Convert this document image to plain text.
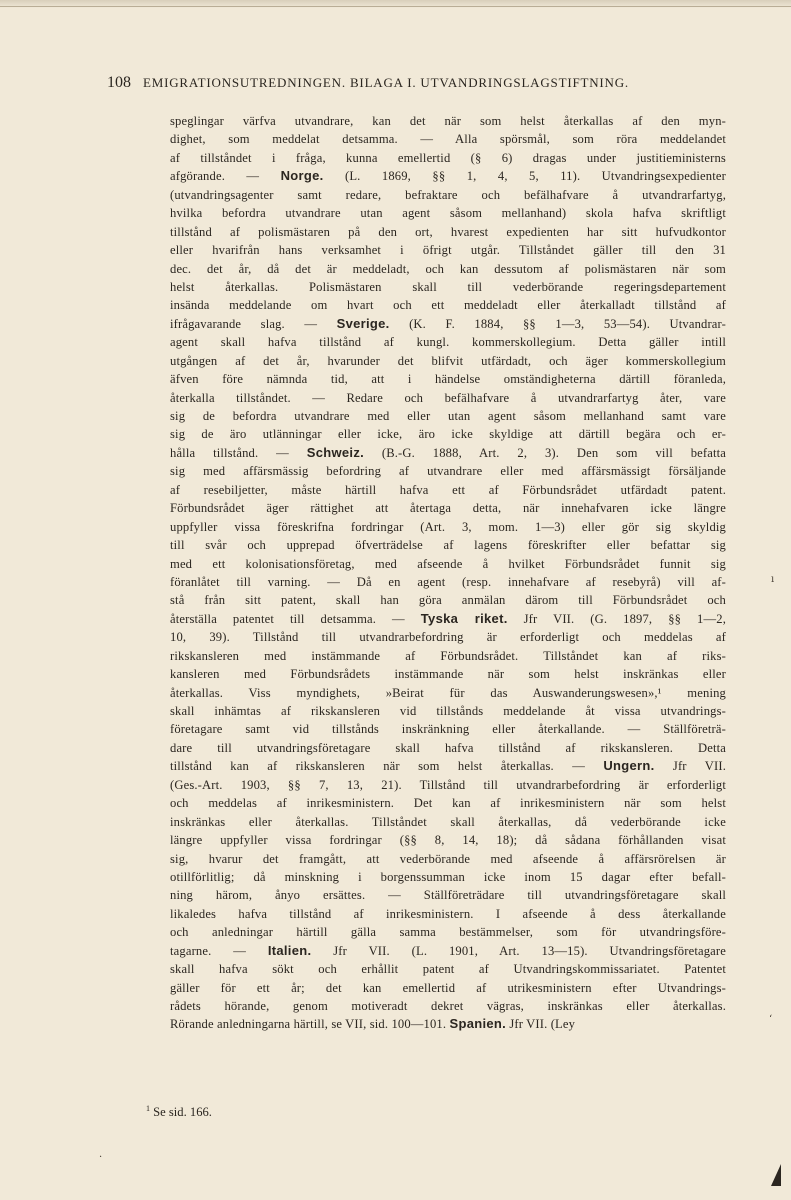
108 EMIGRATIONSUTREDNINGEN. BILAGA I. UTVANDRINGSLAGSTIFTNING.
speglingar värfva utvandrare, kan det när som helst återkallas af den myn-
dighet, som meddelat detsamma. — Alla spörsmål, som röra meddelandet
af tillståndet i fråga, kunna emellertid (§ 6) dragas under justitieministerns
afgörande. — Norge. (L. 1869, §§ 1, 4, 5, 11). Utvandringsexpedienter
(utvandringsagenter samt redare, befraktare och befälhafvare å utvandrarfartyg,
hvilka befordra utvandrare utan agent såsom mellanhand) skola hafva skriftligt
tillstånd af polismästaren på den ort, hvarest expedienten har sitt hufvudkontor
eller hvarifrån hans verksamhet i öfrigt utgår. Tillståndet gäller till den 31
dec. det år, då det är meddeladt, och kan dessutom af polismästaren när som
helst återkallas. Polismästaren skall till vederbörande regeringsdepartement
insända meddelande om hvart och ett meddeladt eller återkalladt tillstånd af
ifrågavarande slag. — Sverige. (K. F. 1884, §§ 1—3, 53—54). Utvandrar-
agent skall hafva tillstånd af kungl. kommerskollegium. Detta gäller intill
utgången af det år, hvarunder det blifvit utfärdadt, och äger kommerskollegium
äfven före nämnda tid, att i händelse omständigheterna därtill föranleda,
återkalla tillståndet. — Redare och befälhafvare å utvandrarfartyg åter, vare
sig de befordra utvandrare med eller utan agent såsom mellanhand samt vare
sig de äro utlänningar eller icke, äro icke skyldige att därtill begära och er-
hålla tillstånd. — Schweiz. (B.-G. 1888, Art. 2, 3). Den som vill befatta
sig med affärsmässig befordring af utvandrare eller med affärsmässigt försäljande
af resebiljetter, måste härtill hafva ett af Förbundsrådet utfärdadt patent.
Förbundsrådet äger rättighet att återtaga detta, när innehafvaren icke längre
uppfyller vissa föreskrifna fordringar (Art. 3, mom. 1—3) eller gör sig skyldig
till svår och upprepad öfverträdelse af lagens föreskrifter eller befattar sig
med ett kolonisationsföretag, med afseende å hvilket Förbundsrådet funnit sig
föranlåtet till varning. — Då en agent (resp. innehafvare af resebyrå) vill af-
stå från sitt patent, skall han göra anmälan därom till Förbundsrådet och
återställa patentet till detsamma. — Tyska riket. Jfr VII. (G. 1897, §§ 1—2,
10, 39). Tillstånd till utvandrarbefordring är erforderligt och meddelas af
rikskansleren med instämmande af Förbundsrådet. Tillståndet kan af riks-
kansleren med Förbundsrådets instämmande när som helst inskränkas eller
återkallas. Viss myndighets, »Beirat für das Auswanderungswesen»,¹ mening
skall inhämtas af rikskansleren vid tillstånds meddelande åt vissa utvandrings-
företagare samt vid tillstånds inskränkning eller återkallande. — Ställföreträ-
dare till utvandringsföretagare skall hafva tillstånd af rikskansleren. Detta
tillstånd kan af rikskansleren när som helst återkallas. — Ungern. Jfr VII.
(Ges.-Art. 1903, §§ 7, 13, 21). Tillstånd till utvandrarbefordring är erforderligt
och meddelas af inrikesministern. Det kan af inrikesministern när som helst
inskränkas eller återkallas. Tillståndet skall återkallas, då vederbörande icke
längre uppfyller vissa fordringar (§§ 8, 14, 18); då sådana förhållanden visat
sig, hvarur det framgått, att vederbörande med afseende å affärsrörelsen är
otillförlitlig; då minskning i borgenssumman icke inom 15 dagar efter befall-
ning härom, ånyo ersättes. — Ställföreträdare till utvandringsföretagare skall
likaledes hafva tillstånd af inrikesministern. I afseende å dess återkallande
och anledningar härtill gälla samma bestämmelser, som för utvandringsföre-
tagarne. — Italien. Jfr VII. (L. 1901, Art. 13—15). Utvandringsföretagare
skall hafva sökt och erhållit patent af Utvandringskommissariatet. Patentet
gäller för ett år; det kan emellertid af utrikesministern efter Utvandrings-
rådets hörande, genom motiveradt dekret vägras, inskränkas eller återkallas.
Rörande anledningarna härtill, se VII, sid. 100—101. Spanien. Jfr VII. (Ley
$^1$ Se sid. 166.
ı
ʻ
·
